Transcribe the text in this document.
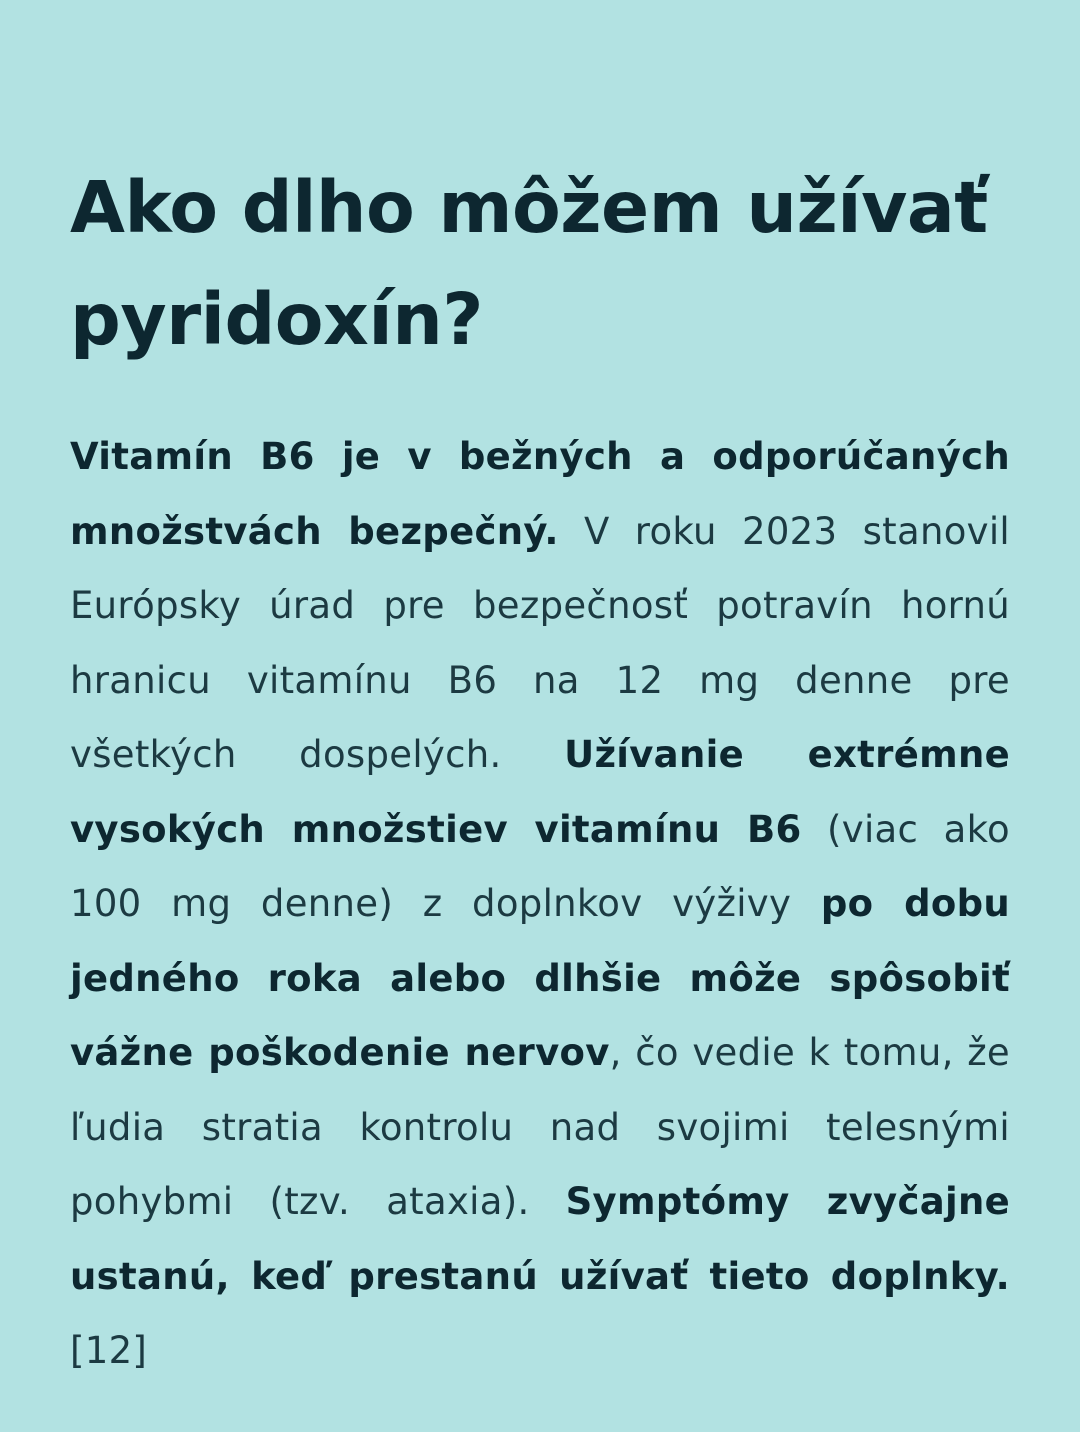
Ako dlho môžem užívať pyridoxín?

Vitamín B6 je v bežných a odporúčaných množstvách bezpečný. V roku 2023 stanovil Európsky úrad pre bezpečnosť potravín hornú hranicu vitamínu B6 na 12 mg denne pre všetkých dospelých. Užívanie extrémne vysokých množstiev vitamínu B6 (viac ako 100 mg denne) z doplnkov výživy po dobu jedného roka alebo dlhšie môže spôsobiť vážne poškodenie nervov, čo vedie k tomu, že ľudia stratia kontrolu nad svojimi telesnými pohybmi (tzv. ataxia). Symptómy zvyčajne ustanú, keď prestanú užívať tieto doplnky. [12]
